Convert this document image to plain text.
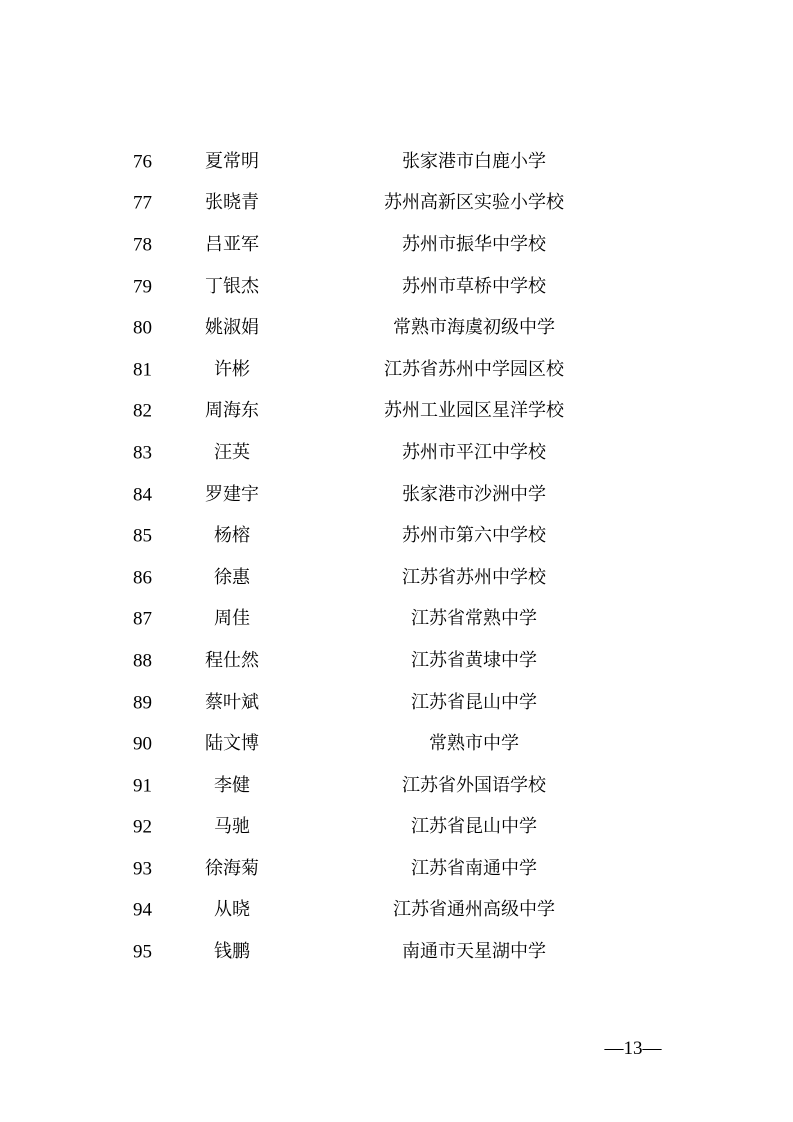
76	夏常明	张家港市白鹿小学
77	张晓青	苏州高新区实验小学校
78	吕亚军	苏州市振华中学校
79	丁银杰	苏州市草桥中学校
80	姚淑娟	常熟市海虞初级中学
81	许彬	江苏省苏州中学园区校
82	周海东	苏州工业园区星洋学校
83	汪英	苏州市平江中学校
84	罗建宇	张家港市沙洲中学
85	杨榕	苏州市第六中学校
86	徐惠	江苏省苏州中学校
87	周佳	江苏省常熟中学
88	程仕然	江苏省黄埭中学
89	蔡叶斌	江苏省昆山中学
90	陆文博	常熟市中学
91	李健	江苏省外国语学校
92	马驰	江苏省昆山中学
93	徐海菊	江苏省南通中学
94	从晓	江苏省通州高级中学
95	钱鹏	南通市天星湖中学
—13—
